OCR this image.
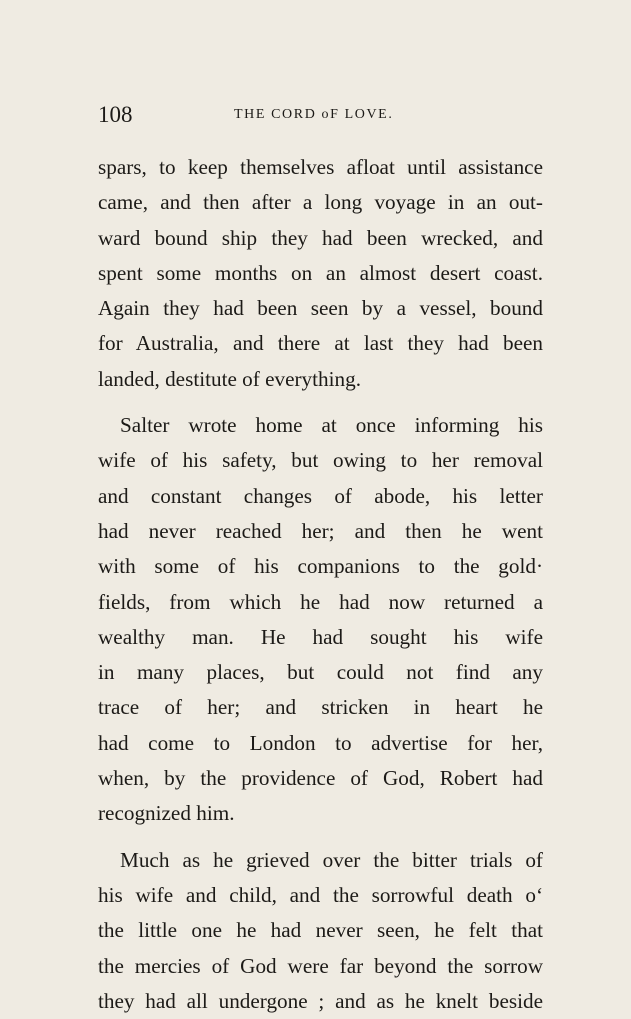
108	THE CORD oF LOVE.
spars, to keep themselves afloat until assistance
came, and then after a long voyage in an out-
ward bound ship they had been wrecked, and
spent some months on an almost desert coast.
Again they had been seen by a vessel, bound
for Australia, and there at last they had been
landed, destitute of everything.
Salter wrote home at once informing his
wife of his safety, but owing to her removal
and constant changes of abode, his letter
had never reached her; and then he went
with some of his companions to the gold·
fields, from which he had now returned a
wealthy man. He had sought his wife
in many places, but could not find any
trace of her; and stricken in heart he
had come to London to advertise for her,
when, by the providence of God, Robert had
recognized him.
Much as he grieved over the bitter trials of
his wife and child, and the sorrowful death oʻ
the little one he had never seen, he felt that
the mercies of God were far beyond the sorrow
they had all undergone ; and as he knelt beside
